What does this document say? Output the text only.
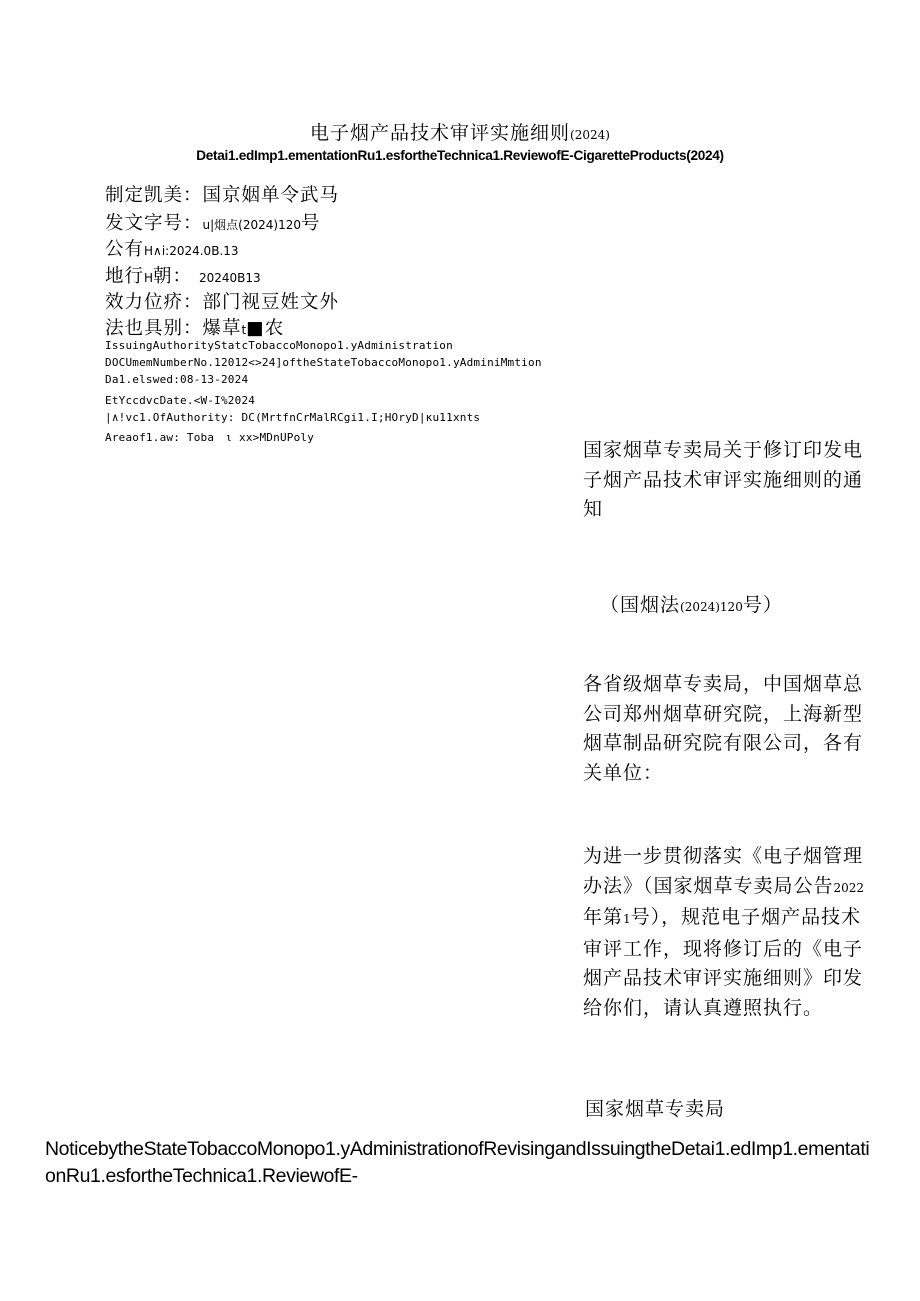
电子烟产品技术审评实施细则(2024)
Detai1.edImp1.ementationRu1.esfortheTechnica1.ReviewofE-CigaretteProducts(2024)
制定凯美：国京姻单令武马
发文字号：u|烟点(2024)120号
公有H∧i:2024.0B.13
地行H朝： 20240B13
效力位疥：部门视豆姓文外
法也具别：爆草t■农
IssuingAuthorityStatcTobaccoMonopo1.yAdministration
DOCUmemNumberNo.12012<>24]oftheStateTobaccoMonopo1.yAdminiMmtion
Da1.elswed:08-13-2024
EtYccdvcDate.<W-I%2024
|∧!vc1.OfAuthority: DC(MrtfnCrMalRCgi1.I;HOryD|κu11xnts
Areaof1.aw: Toba　ι xx>MDnUPoly
国家烟草专卖局关于修订印发电子烟产品技术审评实施细则的通知
（国烟法(2024)120号）
各省级烟草专卖局，中国烟草总公司郑州烟草研究院，上海新型烟草制品研究院有限公司，各有关单位：
为进一步贯彻落实《电子烟管理办法》（国家烟草专卖局公告2022年第1号），规范电子烟产品技术审评工作，现将修订后的《电子烟产品技术审评实施细则》印发给你们，请认真遵照执行。
国家烟草专卖局
NoticebytheStateTobaccoMonopo1.yAdministrationofRevisingandIssuingtheDetai1.edImp1.ementationRu1.esfortheTechnica1.ReviewofE-
